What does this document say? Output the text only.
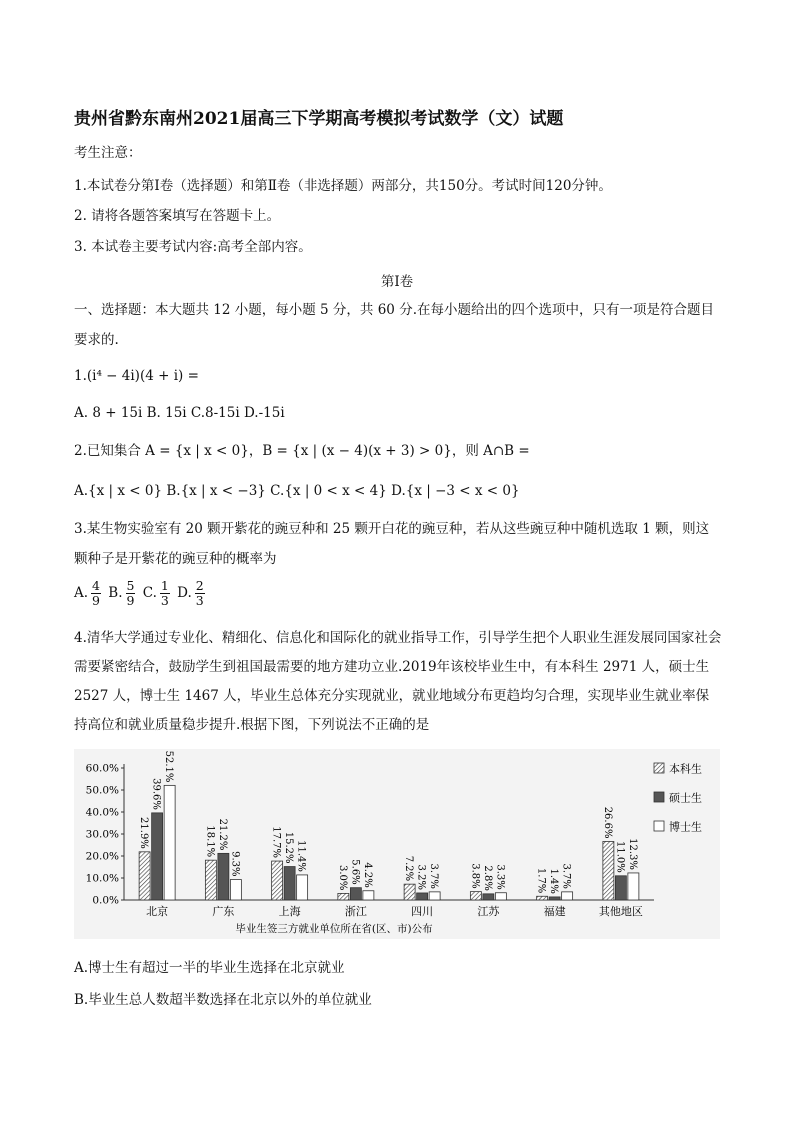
贵州省黔东南州2021届高三下学期高考模拟考试数学（文）试题
考生注意：
1.本试卷分第Ⅰ卷（选择题）和第Ⅱ卷（非选择题）两部分，共150分。考试时间120分钟。
2. 请将各题答案填写在答题卡上。
3. 本试卷主要考试内容:高考全部内容。
第Ⅰ卷
一、选择题：本大题共 12 小题，每小题 5 分，共 60 分.在每小题给出的四个选项中，只有一项是符合题目
要求的.
1.(i⁴ − 4i)(4 + i) =
A. 8 + 15i B. 15i C.8-15i D.-15i
2.已知集合 A = {x | x < 0}，B = {x | (x − 4)(x + 3) > 0}，则 A∩B =
A.{x | x < 0} B.{x | x < −3} C.{x | 0 < x < 4} D.{x | −3 < x < 0}
3.某生物实验室有 20 颗开紫花的豌豆种和 25 颗开白花的豌豆种，若从这些豌豆种中随机选取 1 颗，则这
颗种子是开紫花的豌豆种的概率为
A. $\frac{4}{9} B$. $\frac{5}{9} C$. $\frac{1}{3} D$. $\frac{2}{3}$
4.清华大学通过专业化、精细化、信息化和国际化的就业指导工作，引导学生把个人职业生涯发展同国家社会需要紧密结合，鼓励学生到祖国最需要的地方建功立业.2019年该校毕业生中，有本科生 2971 人，硕士生 2527 人，博士生 1467 人，毕业生总体充分实现就业，就业地域分布更趋均匀合理，实现毕业生就业率保持高位和就业质量稳步提升.根据下图，下列说法不正确的是
0.0%
10.0%
20.0%
30.0%
40.0%
50.0%
60.0%
北京	广东	上海	浙江	四川	江苏	福建	其他地区
21.9%
39.6%
52.1%
18.1% 21.2%
9.3%
17.7% 15.2% 11.4%
3.0% 5.6% 4.2%	7.2% 3.2% 3.7%	3.8% 2.8% 3.3%	1.7% 1.4% 3.7%
26.6%
11.0% 12.3%
本科生
硕士生
博士生
毕业生签三方就业单位所在省(区、市)公布
A.博士生有超过一半的毕业生选择在北京就业
B.毕业生总人数超半数选择在北京以外的单位就业
